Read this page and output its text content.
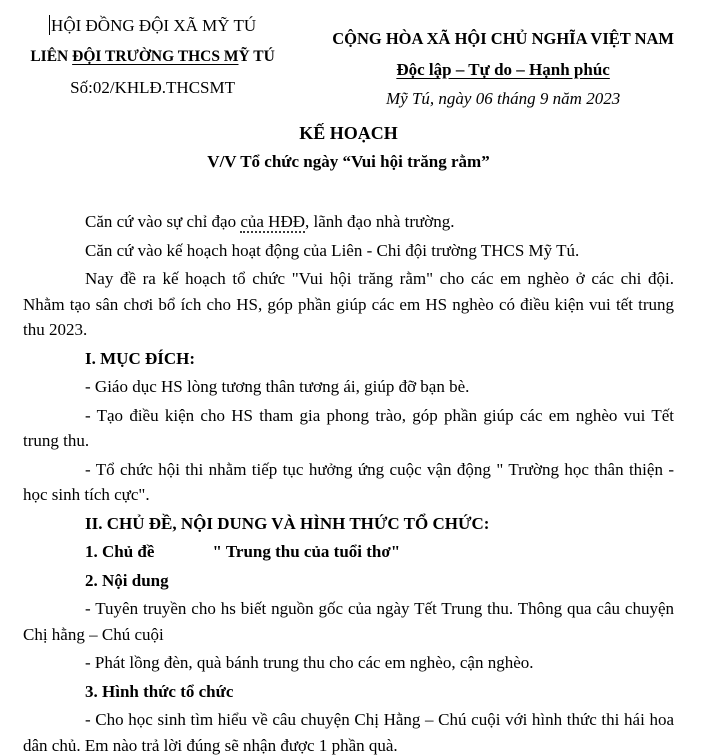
HỘI ĐỒNG ĐỘI XÃ MỸ TÚ
LIÊN ĐỘI TRƯỜNG THCS MỸ TÚ
Số:02/KHLĐ.THCSMT
CỘNG HÒA XÃ HỘI CHỦ NGHĨA VIỆT NAM
Độc lập – Tự do – Hạnh phúc
Mỹ Tú, ngày 06 tháng 9 năm 2023
KẾ HOẠCH
V/V Tổ chức ngày “Vui hội trăng rằm”

Căn cứ vào sự chỉ đạo của HĐĐ, lãnh đạo nhà trường.

Căn cứ vào kế hoạch hoạt động của Liên - Chi đội trường THCS Mỹ Tú.

Nay đề ra kế hoạch tổ chức "Vui hội trăng rằm" cho các em nghèo ở các chi đội. Nhằm tạo sân chơi bổ ích cho HS, góp phần giúp các em HS nghèo có điều kiện vui tết trung thu 2023.

I. MỤC ĐÍCH:

- Giáo dục HS lòng tương thân tương ái, giúp đỡ bạn bè.

- Tạo điều kiện cho HS tham gia phong trào, góp phần giúp các em nghèo vui Tết trung thu.

- Tổ chức hội thi nhằm tiếp tục hưởng ứng cuộc vận động " Trường học thân thiện - học sinh tích cực".

II. CHỦ ĐỀ, NỘI DUNG VÀ HÌNH THỨC TỔ CHỨC:

1. Chủ đề	" Trung thu của tuổi thơ"

2. Nội dung

- Tuyên truyền cho hs biết nguồn gốc của ngày Tết Trung thu. Thông qua câu chuyện Chị hằng – Chú cuội

- Phát lồng đèn, quà bánh trung thu cho các em nghèo, cận nghèo.

3. Hình thức tổ chức

- Cho học sinh tìm hiểu về câu chuyện Chị Hằng – Chú cuội với hình thức thi hái hoa dân chủ. Em nào trả lời đúng sẽ nhận được 1 phần quà.
